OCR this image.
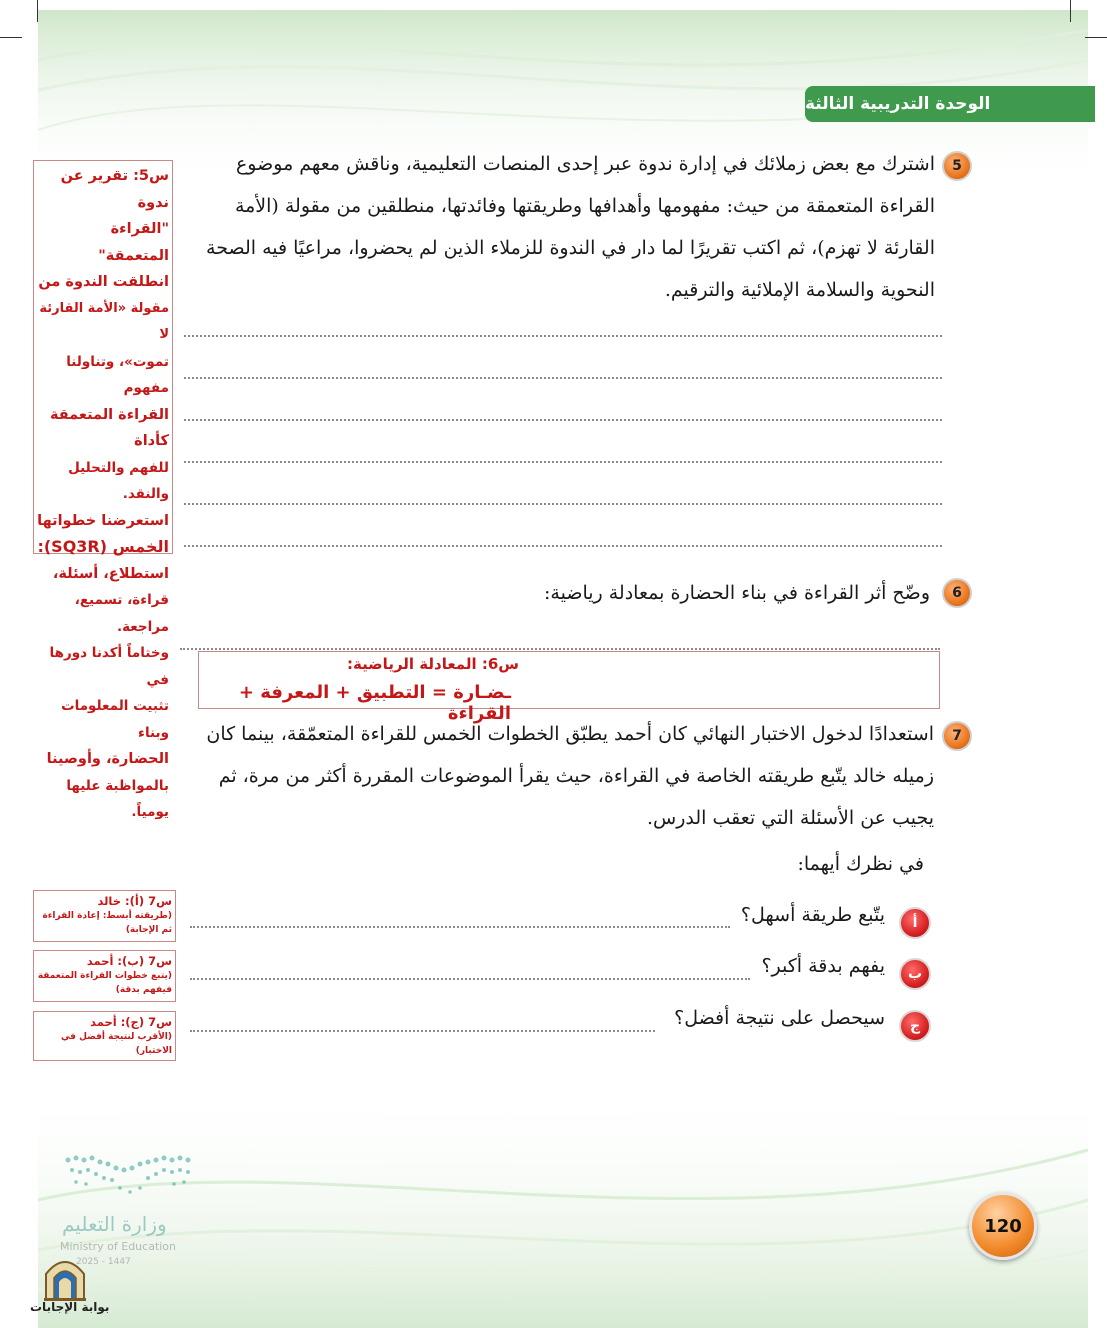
الوحدة التدريبية الثالثة
5
اشترك مع بعض زملائك في إدارة ندوة عبر إحدى المنصات التعليمية، وناقش معهم موضوع
القراءة المتعمقة من حيث: مفهومها وأهدافها وطريقتها وفائدتها، منطلقين من مقولة (الأمة
القارئة لا تهزم)، ثم اكتب تقريرًا لما دار في الندوة للزملاء الذين لم يحضروا، مراعيًا فيه الصحة
النحوية والسلامة الإملائية والترقيم.
س5: تقرير عن ندوة
"القراءة المتعمقة"
انطلقت الندوة من
مقولة «الأمة القارئة لا
تموت»، وتناولنا مفهوم
القراءة المتعمقة كأداة
للفهم والتحليل والنقد.
استعرضنا خطواتها
الخمس (SQ3R):
استطلاع، أسئلة،
قراءة، تسميع، مراجعة.
وختاماً أكدنا دورها في
تثبيت المعلومات وبناء
الحضارة، وأوصينا
بالمواظبة عليها يومياً.
6
وضّح أثر القراءة في بناء الحضارة بمعادلة رياضية:
س6: المعادلة الرياضية:
ـضـارة = التطبيق + المعرفة + القراءة
7
استعدادًا لدخول الاختبار النهائي كان أحمد يطبّق الخطوات الخمس للقراءة المتعمّقة، بينما كان
زميله خالد يتّبع طريقته الخاصة في القراءة، حيث يقرأ الموضوعات المقررة أكثر من مرة، ثم
يجيب عن الأسئلة التي تعقب الدرس.
في نظرك أيهما:
أ
يتّبع طريقة أسهل؟
ب
يفهم بدقة أكبر؟
ج
سيحصل على نتيجة أفضل؟
س7 (أ): خالد
(طريقته أبسط: إعادة القراءة ثم الإجابة)
س7 (ب): أحمد
(يتبع خطوات القراءة المتعمقة فيفهم بدقة)
س7 (ج): أحمد
(الأقرب لنتيجة أفضل في الاختبار)
وزارة التعليم
Ministry of Education
2025 - 1447
بوابة الإجابات
120
